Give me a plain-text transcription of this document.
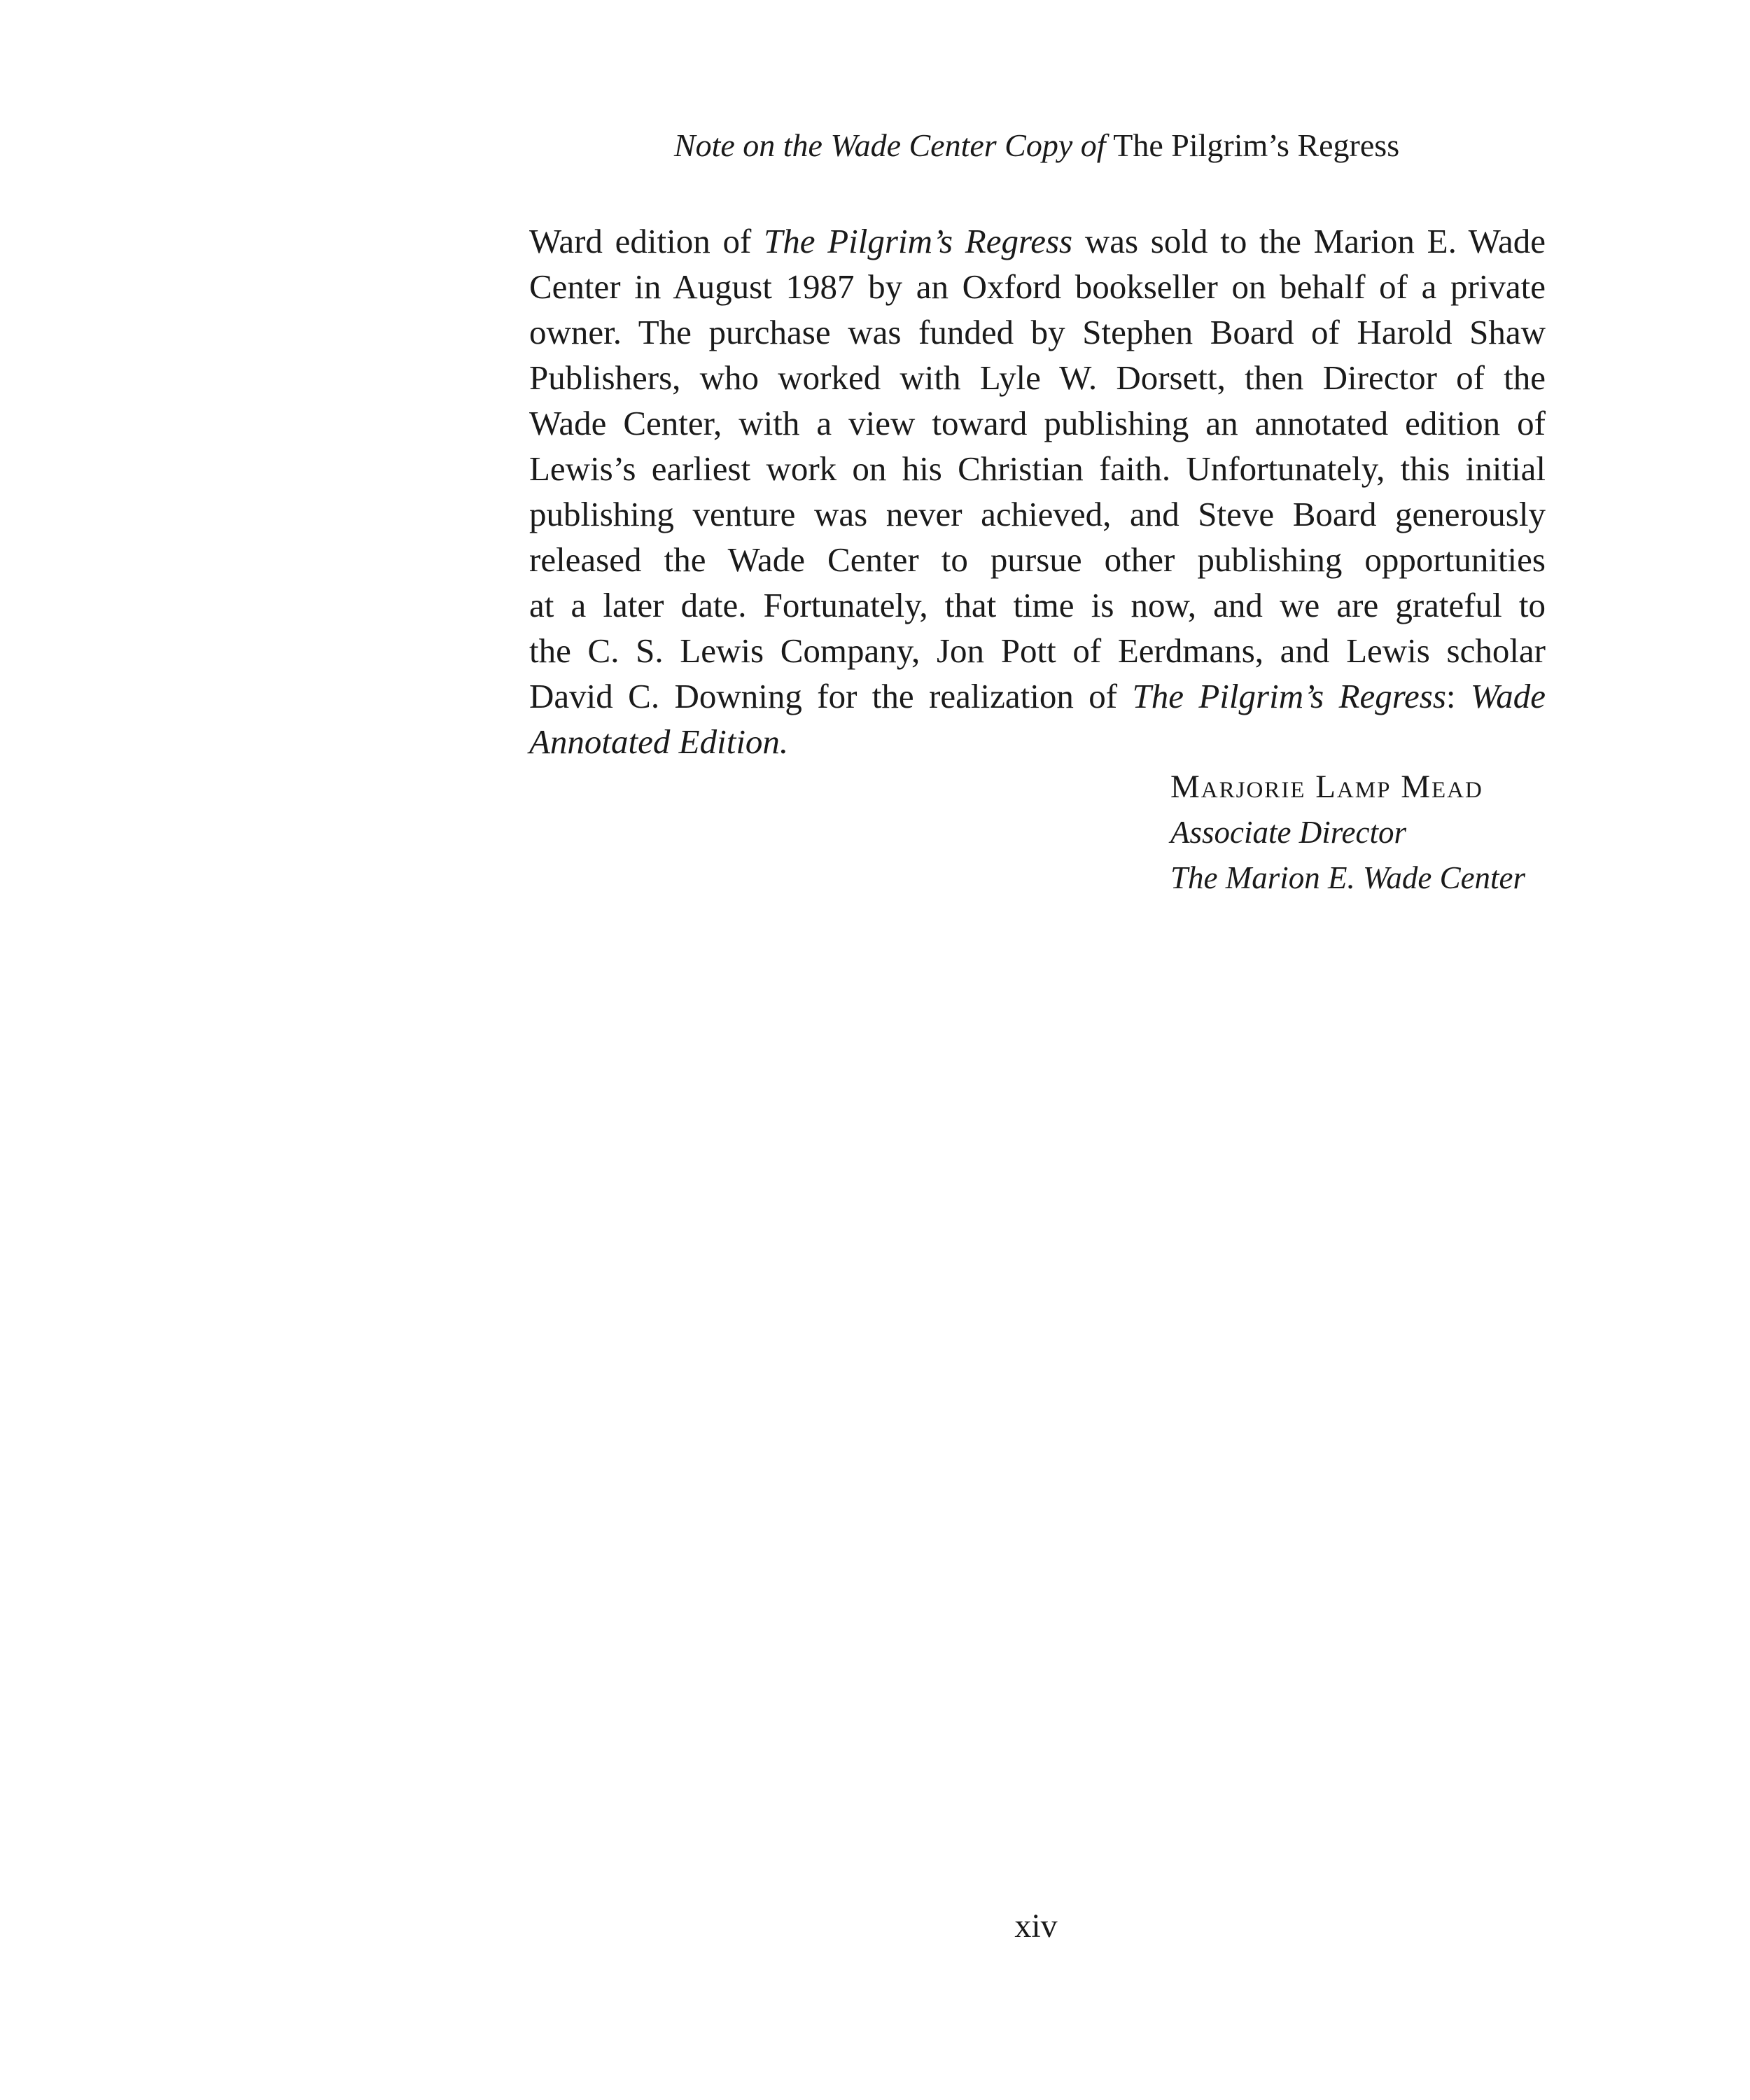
Note on the Wade Center Copy of The Pilgrim’s Regress
Ward edition of The Pilgrim’s Regress was sold to the Marion E. Wade
Center in August 1987 by an Oxford bookseller on behalf of a private
owner. The purchase was funded by Stephen Board of Harold Shaw
Publishers, who worked with Lyle W. Dorsett, then Director of the
Wade Center, with a view toward publishing an annotated edition of
Lewis’s earliest work on his Christian faith. Unfortunately, this initial
publishing venture was never achieved, and Steve Board generously
released the Wade Center to pursue other publishing opportunities
at a later date. Fortunately, that time is now, and we are grateful to
the C. S. Lewis Company, Jon Pott of Eerdmans, and Lewis scholar
David C. Downing for the realization of The Pilgrim’s Regress: Wade
Annotated Edition.
Marjorie Lamp Mead
Associate Director
The Marion E. Wade Center
xiv
